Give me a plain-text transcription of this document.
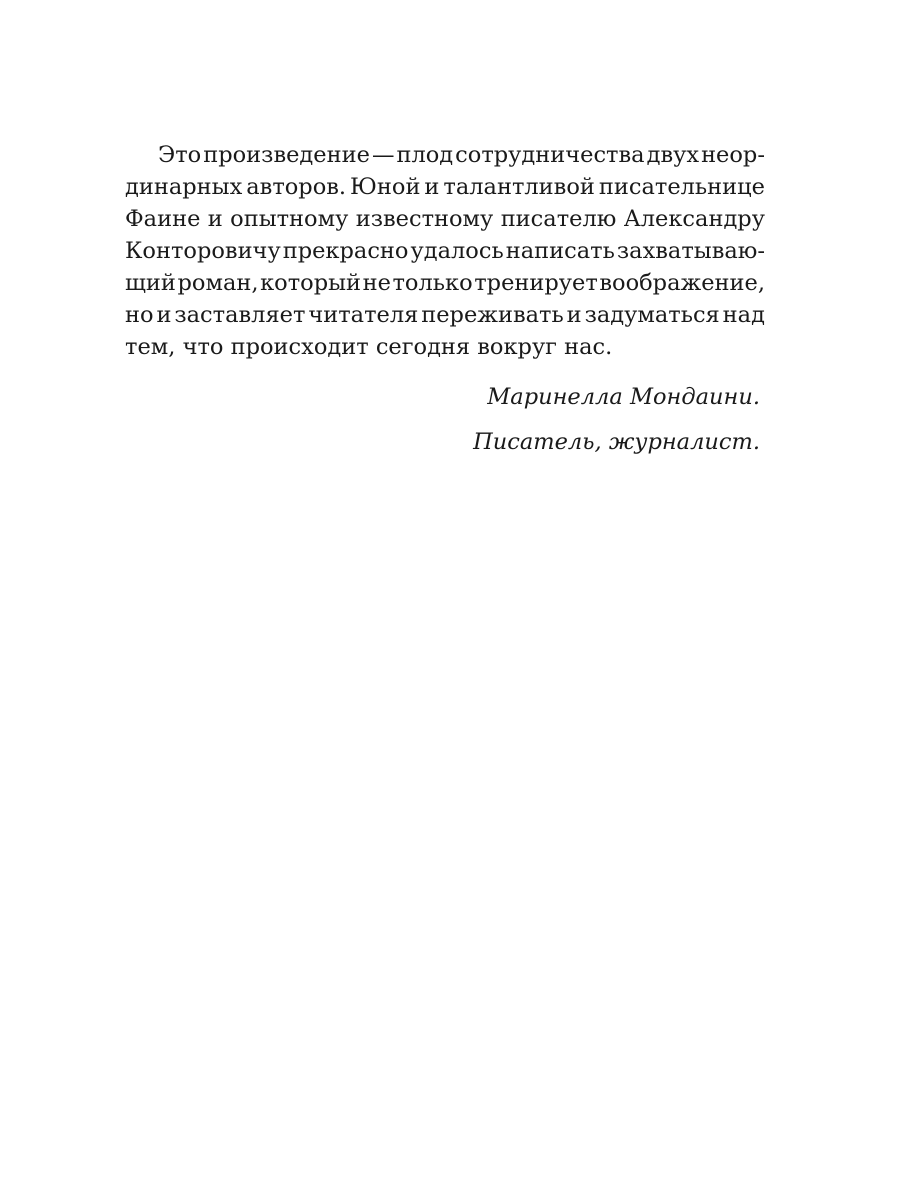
Это произведение — плод сотрудничества двух неор-
динарных авторов. Юной и талантливой писательнице
Фаине и опытному известному писателю Александру
Конторовичу прекрасно удалось написать захватываю-
щий роман, который не только тренирует воображение,
но и заставляет читателя переживать и задуматься над
тем, что происходит сегодня вокруг нас.
Маринелла Мондаини.
Писатель, журналист.
